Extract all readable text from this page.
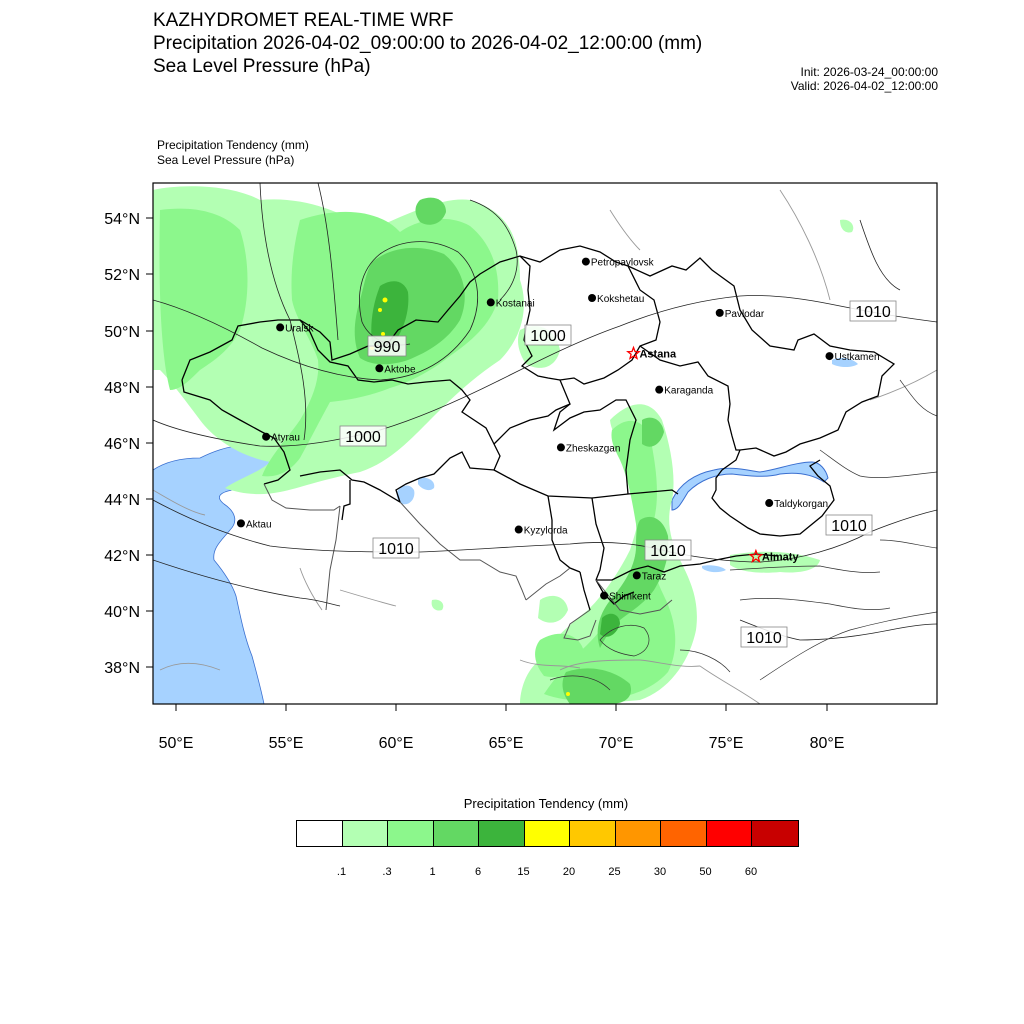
KAZHYDROMET REAL-TIME WRF
Precipitation 2026-04-02_09:00:00 to 2026-04-02_12:00:00 (mm)
Sea Level Pressure (hPa)	Init: 2026-03-24_00:00:00
Valid: 2026-04-02_12:00:00
Precipitation Tendency (mm)
Sea Level Pressure (hPa)
54°N
52°N
50°N
48°N
46°N
44°N
42°N
40°N
38°N
50°E	55°E	60°E	65°E	70°E	75°E	80°E
990
1000
1000
1010
1010	1010
1010
1010
Uralsk
Aktobe
Atyrau
Aktau
Kostanai
Petropavlovsk
Kokshetau
Pavlodar
Karaganda
Zheskazgan
Kyzylorda
Taraz
Shimkent
Taldykorgan
Ustkamen
Astana
Almaty
Precipitation Tendency (mm)
.1	.3	1	6	15	20	25	30	50	60
